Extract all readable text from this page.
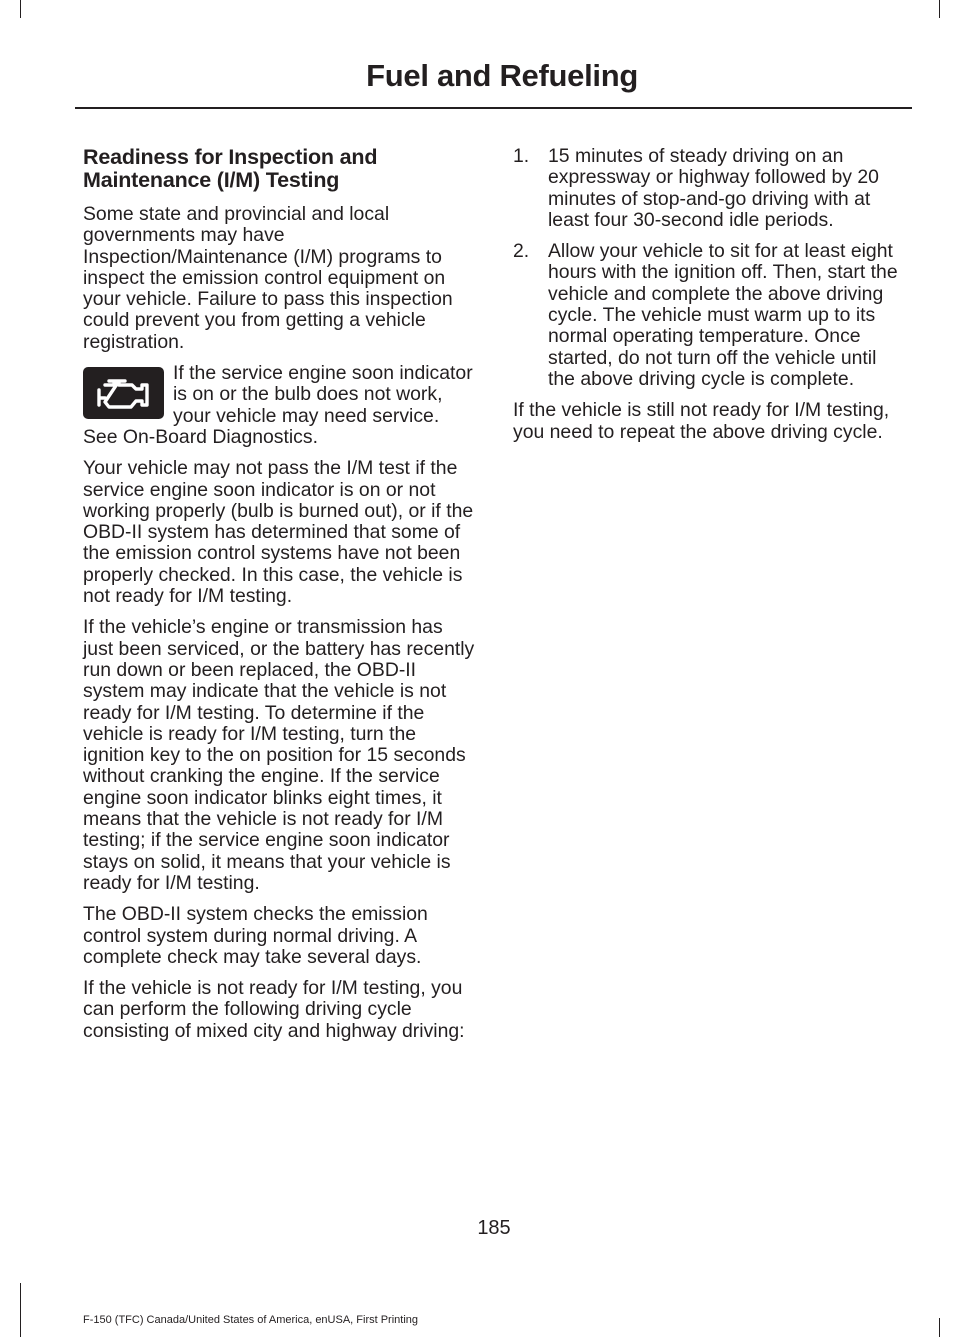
Fuel and Refueling
Readiness for Inspection and Maintenance (I/M) Testing

Some state and provincial and local governments may have Inspection/Maintenance (I/M) programs to inspect the emission control equipment on your vehicle. Failure to pass this inspection could prevent you from getting a vehicle registration.

If the service engine soon indicator is on or the bulb does not work, your vehicle may need service. See On-Board Diagnostics.

Your vehicle may not pass the I/M test if the service engine soon indicator is on or not working properly (bulb is burned out), or if the OBD-II system has determined that some of the emission control systems have not been properly checked. In this case, the vehicle is not ready for I/M testing.

If the vehicle’s engine or transmission has just been serviced, or the battery has recently run down or been replaced, the OBD-II system may indicate that the vehicle is not ready for I/M testing. To determine if the vehicle is ready for I/M testing, turn the ignition key to the on position for 15 seconds without cranking the engine. If the service engine soon indicator blinks eight times, it means that the vehicle is not ready for I/M testing; if the service engine soon indicator stays on solid, it means that your vehicle is ready for I/M testing.

The OBD-II system checks the emission control system during normal driving. A complete check may take several days.

If the vehicle is not ready for I/M testing, you can perform the following driving cycle consisting of mixed city and highway driving:

1. 15 minutes of steady driving on an expressway or highway followed by 20 minutes of stop-and-go driving with at least four 30-second idle periods.
2. Allow your vehicle to sit for at least eight hours with the ignition off. Then, start the vehicle and complete the above driving cycle. The vehicle must warm up to its normal operating temperature. Once started, do not turn off the vehicle until the above driving cycle is complete.

If the vehicle is still not ready for I/M testing, you need to repeat the above driving cycle.

185
F-150 (TFC) Canada/United States of America, enUSA, First Printing
